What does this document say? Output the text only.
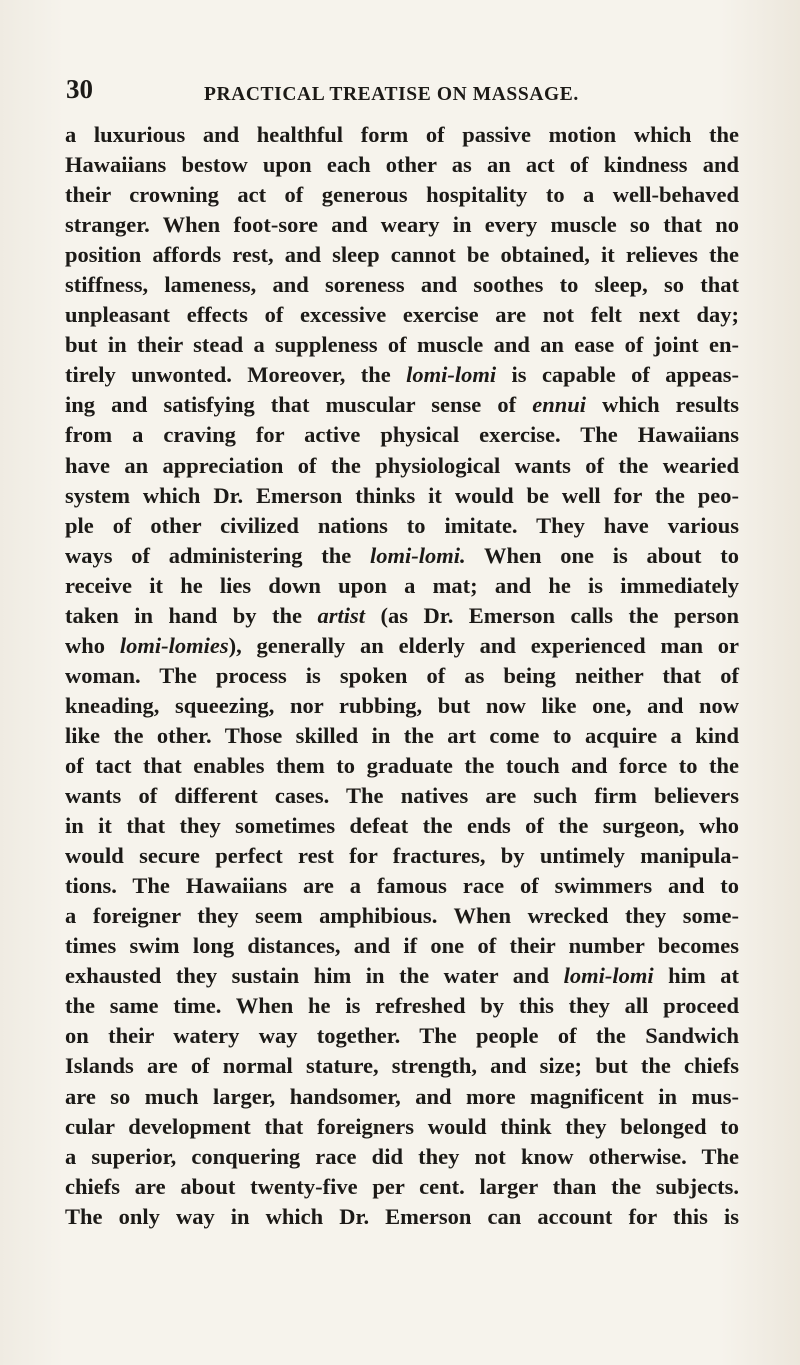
30	PRACTICAL TREATISE ON MASSAGE.
a luxurious and healthful form of passive motion which the
Hawaiians bestow upon each other as an act of kindness and
their crowning act of generous hospitality to a well-behaved
stranger. When foot-sore and weary in every muscle so that no
position affords rest, and sleep cannot be obtained, it relieves the
stiffness, lameness, and soreness and soothes to sleep, so that
unpleasant effects of excessive exercise are not felt next day;
but in their stead a suppleness of muscle and an ease of joint en-
tirely unwonted. Moreover, the lomi-lomi is capable of appeas-
ing and satisfying that muscular sense of ennui which results
from a craving for active physical exercise. The Hawaiians
have an appreciation of the physiological wants of the wearied
system which Dr. Emerson thinks it would be well for the peo-
ple of other civilized nations to imitate. They have various
ways of administering the lomi-lomi. When one is about to
receive it he lies down upon a mat; and he is immediately
taken in hand by the artist (as Dr. Emerson calls the person
who lomi-lomies), generally an elderly and experienced man or
woman. The process is spoken of as being neither that of
kneading, squeezing, nor rubbing, but now like one, and now
like the other. Those skilled in the art come to acquire a kind
of tact that enables them to graduate the touch and force to the
wants of different cases. The natives are such firm believers
in it that they sometimes defeat the ends of the surgeon, who
would secure perfect rest for fractures, by untimely manipula-
tions. The Hawaiians are a famous race of swimmers and to
a foreigner they seem amphibious. When wrecked they some-
times swim long distances, and if one of their number becomes
exhausted they sustain him in the water and lomi-lomi him at
the same time. When he is refreshed by this they all proceed
on their watery way together. The people of the Sandwich
Islands are of normal stature, strength, and size; but the chiefs
are so much larger, handsomer, and more magnificent in mus-
cular development that foreigners would think they belonged to
a superior, conquering race did they not know otherwise. The
chiefs are about twenty-five per cent. larger than the subjects.
The only way in which Dr. Emerson can account for this is
